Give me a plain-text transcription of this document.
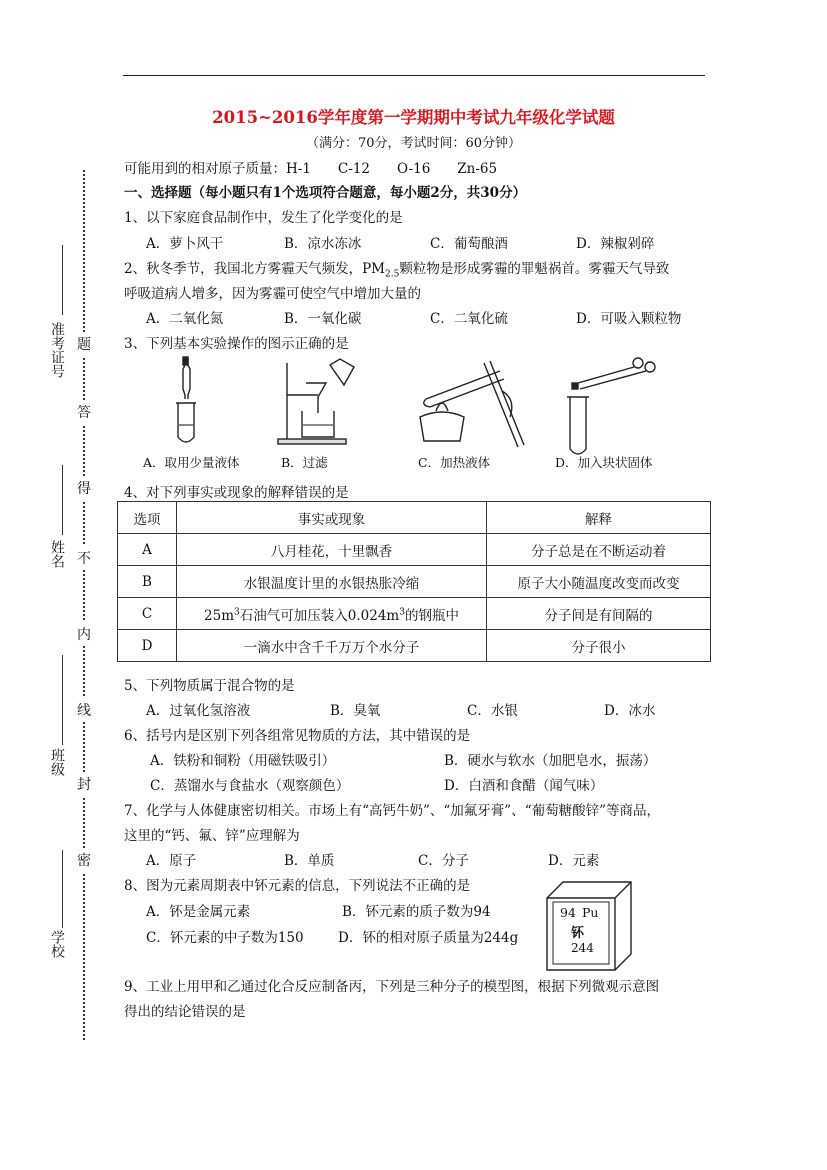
2015~2016学年度第一学期期中考试九年级化学试题
（满分：70分，考试时间：60分钟）
准考证号
姓名
班级
学校
题
答
得
不
内
线
封
密
可能用到的相对原子质量：H-1　　C-12　　O-16　　Zn-65
一、选择题（每小题只有1个选项符合题意，每小题2分，共30分）
1、以下家庭食品制作中，发生了化学变化的是
A．萝卜风干	B．凉水冻冰	C．葡萄酿酒	D．辣椒剁碎
2、秋冬季节，我国北方雾霾天气频发，$PM_{2.5}$颗粒物是形成雾霾的罪魁祸首。雾霾天气导致
呼吸道病人增多，因为雾霾可使空气中增加大量的
A．二氧化氮	B．一氧化碳	C．二氧化硫	D．可吸入颗粒物
3、下列基本实验操作的图示正确的是
A．取用少量液体	B．过滤	C．加热液体	D．加入块状固体
4、对下列事实或现象的解释错误的是
选项	事实或现象	解释
A	八月桂花，十里飘香	分子总是在不断运动着
B	水银温度计里的水银热胀冷缩	原子大小随温度改变而改变
C	$25m^3$石油气可加压装入$0.024m^3$的钢瓶中	分子间是有间隔的
D	一滴水中含千千万万个水分子	分子很小
5、下列物质属于混合物的是
A．过氧化氢溶液	B．臭氧	C．水银	D．冰水
6、括号内是区别下列各组常见物质的方法，其中错误的是
A．铁粉和铜粉（用磁铁吸引）	B．硬水与软水（加肥皂水，振荡）
C．蒸馏水与食盐水（观察颜色）	D．白酒和食醋（闻气味）
7、化学与人体健康密切相关。市场上有“高钙牛奶”、“加氟牙膏”、“葡萄糖酸锌”等商品，
这里的“钙、氟、锌”应理解为
A．原子	B．单质	C．分子	D．元素
8、图为元素周期表中钚元素的信息，下列说法不正确的是
A．钚是金属元素	B．钚元素的质子数为94
C．钚元素的中子数为150	D．钚的相对原子质量为244g
94 Pu
钚
244
9、工业上用甲和乙通过化合反应制备丙，下列是三种分子的模型图，根据下列微观示意图
得出的结论错误的是
